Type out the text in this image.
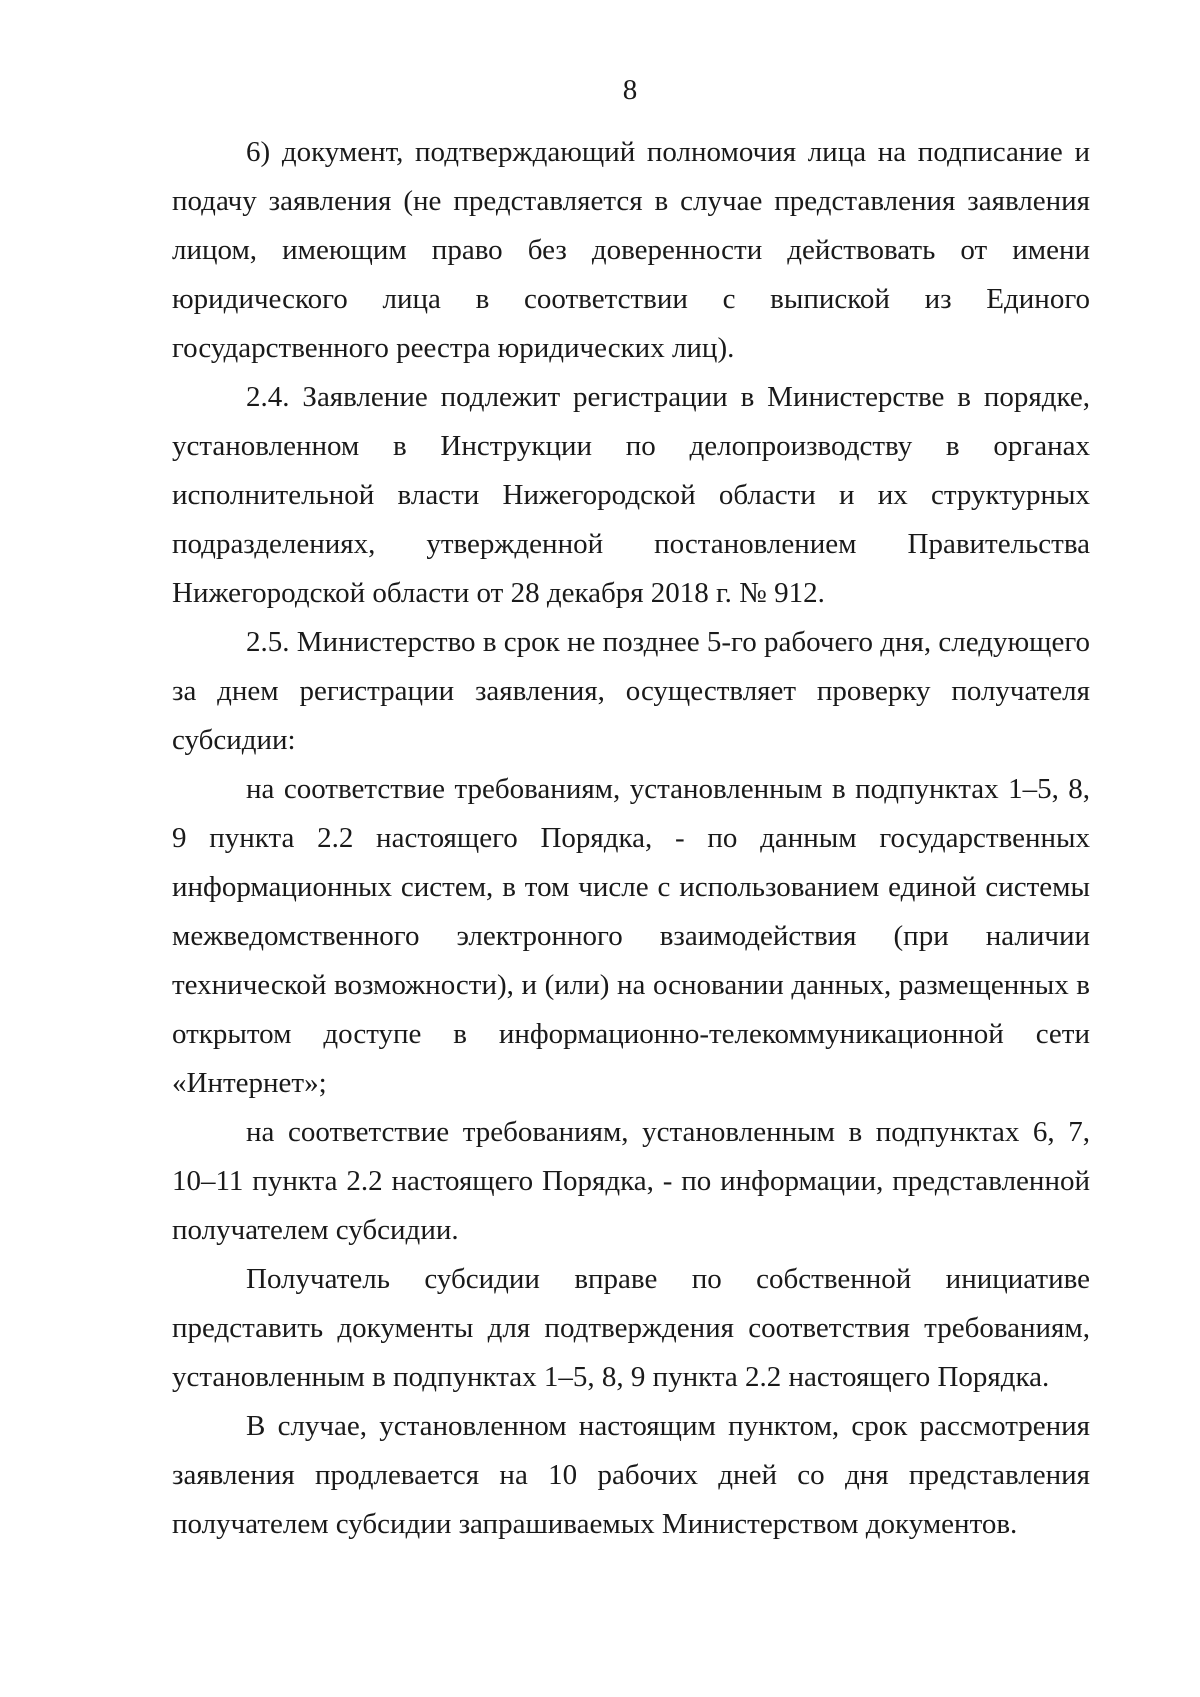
8

6) документ, подтверждающий полномочия лица на подписание и подачу заявления (не представляется в случае представления заявления лицом, имеющим право без доверенности действовать от имени юридического лица в соответствии с выпиской из Единого государственного реестра юридических лиц).

2.4. Заявление подлежит регистрации в Министерстве в порядке, установленном в Инструкции по делопроизводству в органах исполнительной власти Нижегородской области и их структурных подразделениях, утвержденной постановлением Правительства Нижегородской области от 28 декабря 2018 г. № 912.

2.5. Министерство в срок не позднее 5-го рабочего дня, следующего за днем регистрации заявления, осуществляет проверку получателя субсидии:

на соответствие требованиям, установленным в подпунктах 1–5, 8, 9 пункта 2.2 настоящего Порядка, - по данным государственных информационных систем, в том числе с использованием единой системы межведомственного электронного взаимодействия (при наличии технической возможности), и (или) на основании данных, размещенных в открытом доступе в информационно-телекоммуникационной сети «Интернет»;

на соответствие требованиям, установленным в подпунктах 6, 7, 10–11 пункта 2.2 настоящего Порядка, - по информации, представленной получателем субсидии.

Получатель субсидии вправе по собственной инициативе представить документы для подтверждения соответствия требованиям, установленным в подпунктах 1–5, 8, 9 пункта 2.2 настоящего Порядка.

В случае, установленном настоящим пунктом, срок рассмотрения заявления продлевается на 10 рабочих дней со дня представления получателем субсидии запрашиваемых Министерством документов.
